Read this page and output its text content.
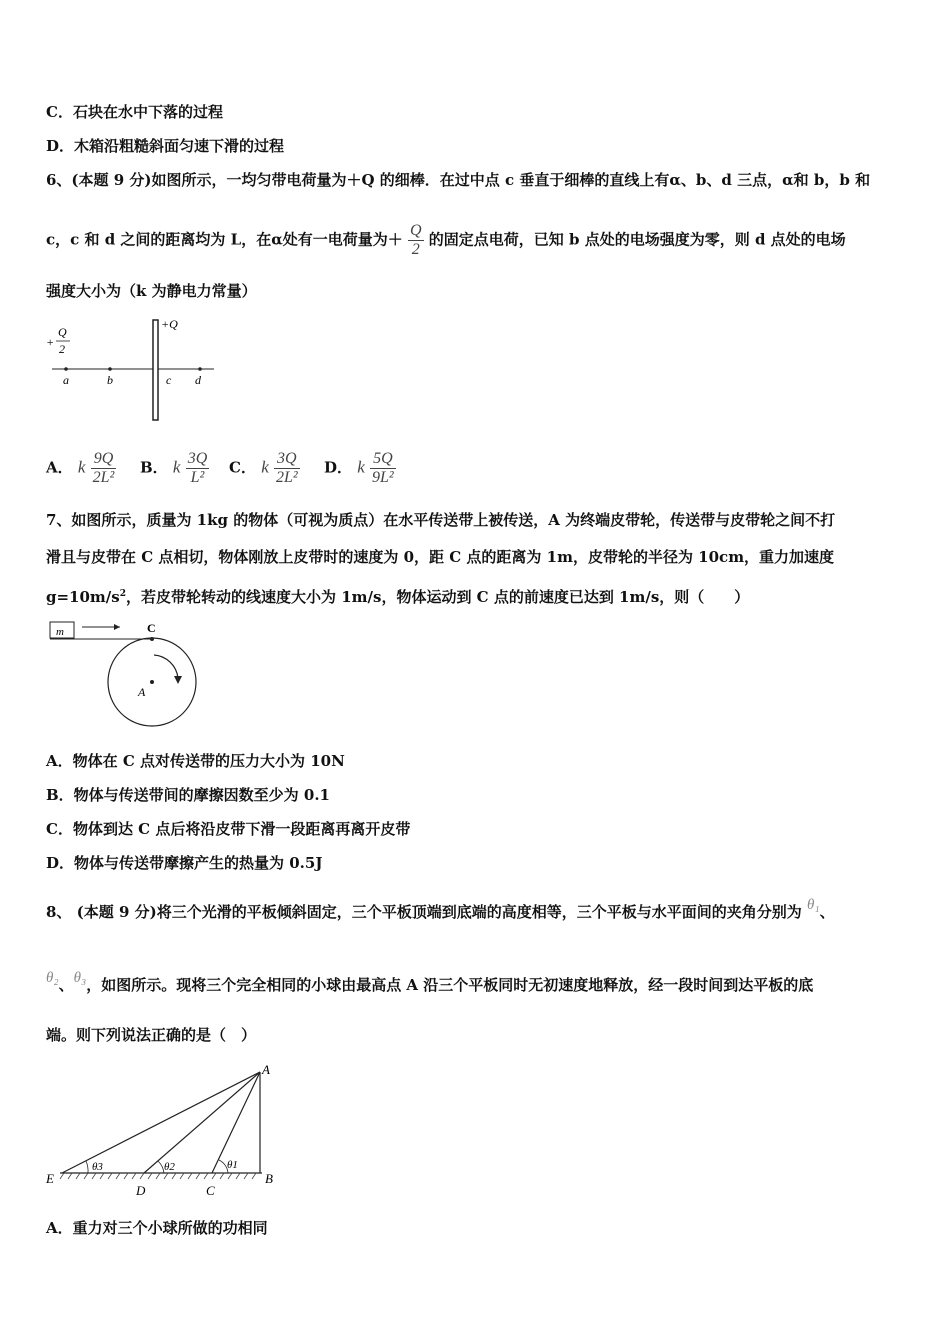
C．石块在水中下落的过程
D．木箱沿粗糙斜面匀速下滑的过程
6、(本题 9 分)如图所示，一均匀带电荷量为＋Q 的细棒．在过中点 c 垂直于细棒的直线上有α、b、d 三点，α和 b，b 和
c，c 和 d 之间的距离均为 L，在α处有一电荷量为＋ $\frac{Q}{2}$ 的固定点电荷，已知 b 点处的电场强度为零，则 d 点处的电场
强度大小为（k 为静电力常量）
+
Q
2
+Q
a	b	c d
A． k $\frac{9Q}{\text{2L²}}$ B． k $\frac{3Q}{\text{L²}}$ C． k $\frac{3Q}{\text{2L²}}$ D． k $\frac{5Q}{\text{9L²}}$
7、如图所示，质量为 1kg 的物体（可视为质点）在水平传送带上被传送，A 为终端皮带轮，传送带与皮带轮之间不打
滑且与皮带在 C 点相切，物体刚放上皮带时的速度为 0，距 C 点的距离为 1m，皮带轮的半径为 10cm，重力加速度
$g=10m/s^2$，若皮带轮转动的线速度大小为 1m/s，物体运动到 C 点的前速度已达到 1m/s，则（　　）
m	C
A
A．物体在 C 点对传送带的压力大小为 10N
B．物体与传送带间的摩擦因数至少为 0.1
C．物体到达 C 点后将沿皮带下滑一段距离再离开皮带
D．物体与传送带摩擦产生的热量为 0.5J
8、 (本题 9 分)将三个光滑的平板倾斜固定，三个平板顶端到底端的高度相等，三个平板与水平面间的夹角分别为 θ₁、
θ₂、θ₃，如图所示。现将三个完全相同的小球由最高点 A 沿三个平板同时无初速度地释放，经一段时间到达平板的底
端。则下列说法正确的是（　）
A
B
C
D
E
θ3	θ2	θ1
A．重力对三个小球所做的功相同
